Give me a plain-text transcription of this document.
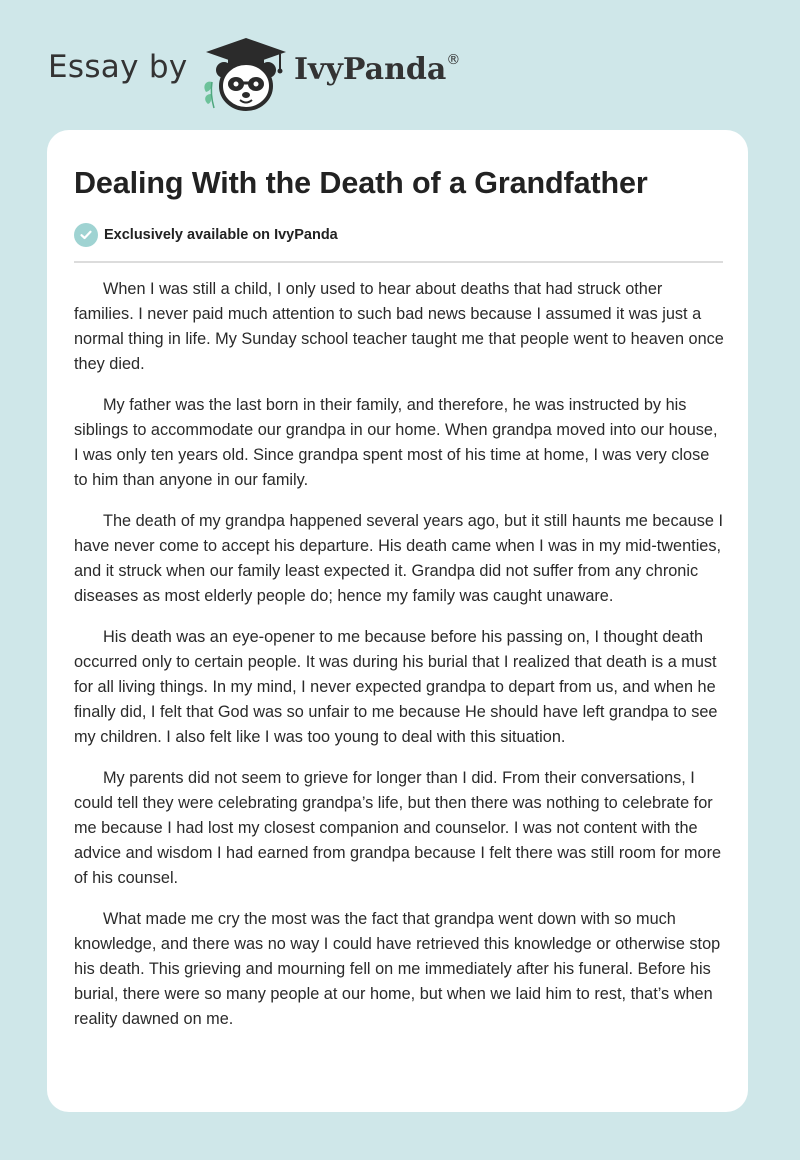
Essay by	IvyPanda®
Dealing With the Death of a Grandfather
Exclusively available on IvyPanda

When I was still a child, I only used to hear about deaths that had struck other families. I never paid much attention to such bad news because I assumed it was just a normal thing in life. My Sunday school teacher taught me that people went to heaven once they died.

My father was the last born in their family, and therefore, he was instructed by his siblings to accommodate our grandpa in our home. When grandpa moved into our house, I was only ten years old. Since grandpa spent most of his time at home, I was very close to him than anyone in our family.

The death of my grandpa happened several years ago, but it still haunts me because I have never come to accept his departure. His death came when I was in my mid-twenties, and it struck when our family least expected it. Grandpa did not suffer from any chronic diseases as most elderly people do; hence my family was caught unaware.

His death was an eye-opener to me because before his passing on, I thought death occurred only to certain people. It was during his burial that I realized that death is a must for all living things. In my mind, I never expected grandpa to depart from us, and when he finally did, I felt that God was so unfair to me because He should have left grandpa to see my children. I also felt like I was too young to deal with this situation.

My parents did not seem to grieve for longer than I did. From their conversations, I could tell they were celebrating grandpa’s life, but then there was nothing to celebrate for me because I had lost my closest companion and counselor. I was not content with the advice and wisdom I had earned from grandpa because I felt there was still room for more of his counsel.

What made me cry the most was the fact that grandpa went down with so much knowledge, and there was no way I could have retrieved this knowledge or otherwise stop his death. This grieving and mourning fell on me immediately after his funeral. Before his burial, there were so many people at our home, but when we laid him to rest, that’s when reality dawned on me.
